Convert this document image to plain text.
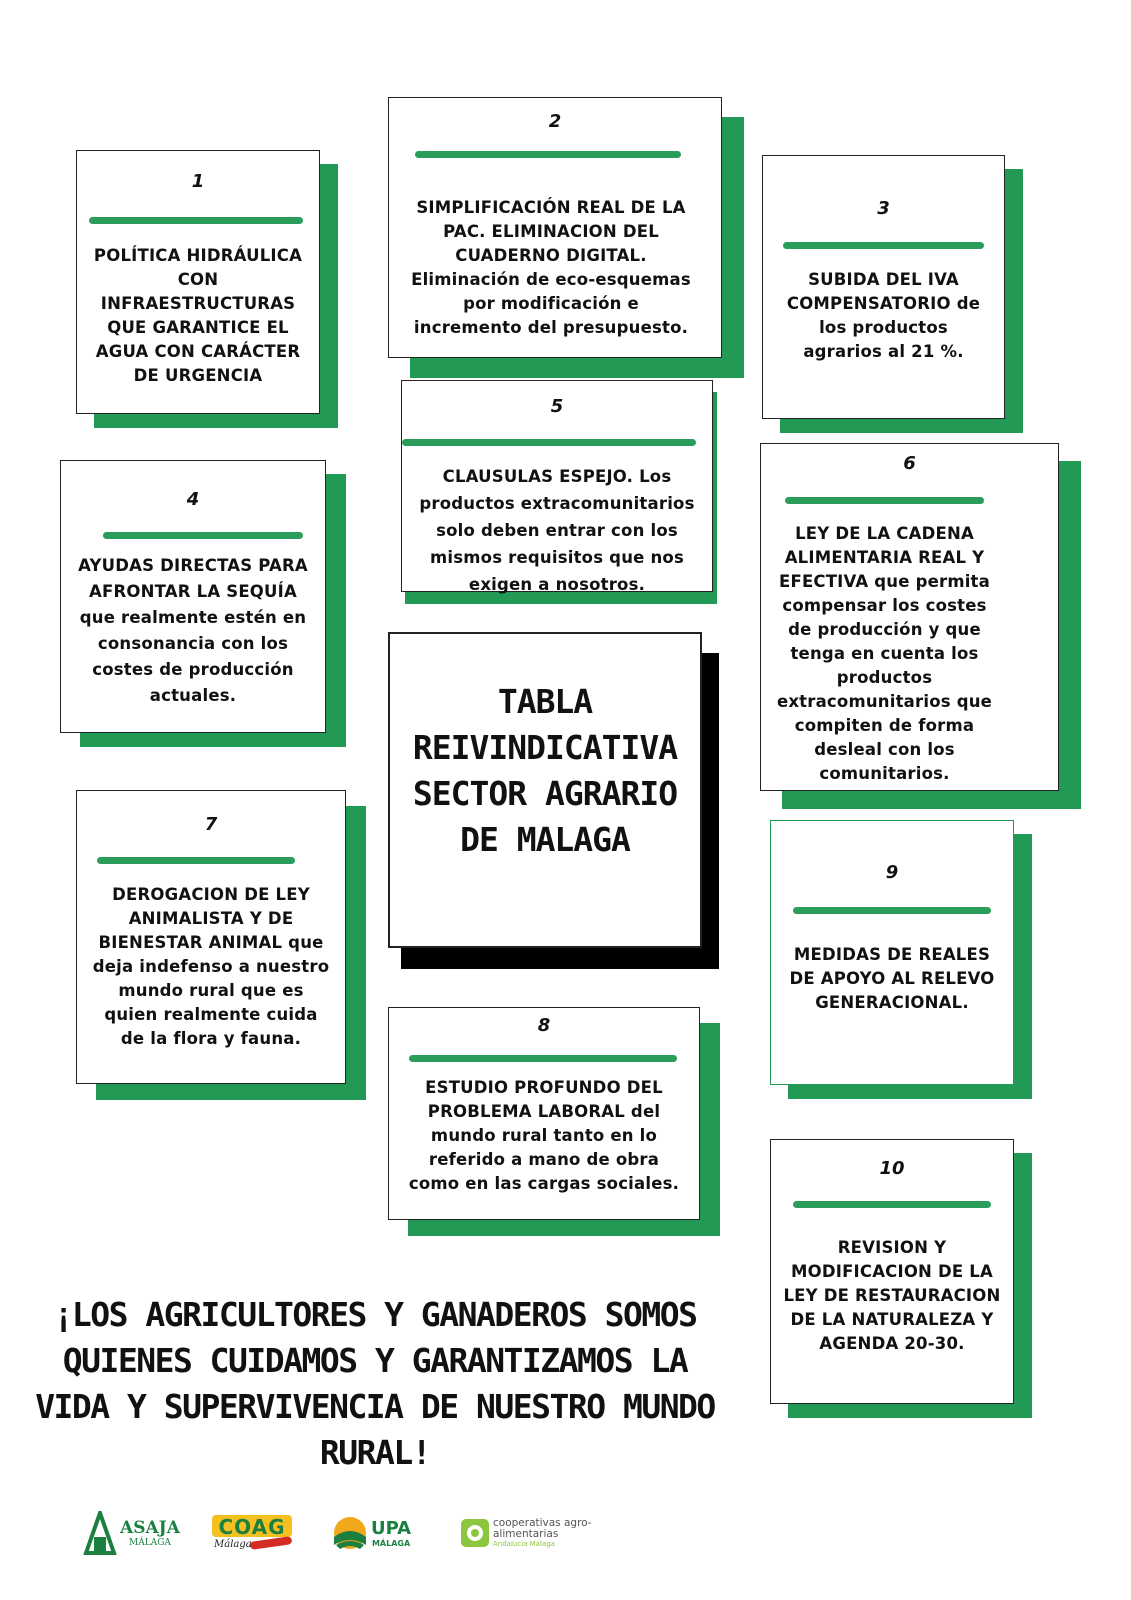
1
POLÍTICA HIDRÁULICA CON INFRAESTRUCTURAS QUE GARANTICE EL AGUA CON CARÁCTER DE URGENCIA
2
SIMPLIFICACIÓN REAL DE LA PAC. ELIMINACION DEL CUADERNO DIGITAL. Eliminación de eco-esquemas por modificación e incremento del presupuesto.
3
SUBIDA DEL IVA COMPENSATORIO de los productos agrarios al 21 %.
4
AYUDAS DIRECTAS PARA AFRONTAR LA SEQUÍA que realmente estén en consonancia con los costes de producción actuales.
5
CLAUSULAS ESPEJO. Los productos extracomunitarios solo deben entrar con los mismos requisitos que nos exigen a nosotros.
6
LEY DE LA CADENA ALIMENTARIA REAL Y EFECTIVA que permita compensar los costes de producción y que tenga en cuenta los productos extracomunitarios que compiten de forma desleal con los comunitarios.
TABLA REIVINDICATIVA SECTOR AGRARIO DE MALAGA
7
DEROGACION DE LEY ANIMALISTA Y DE BIENESTAR ANIMAL que deja indefenso a nuestro mundo rural que es quien realmente cuida de la flora y fauna.
8
ESTUDIO PROFUNDO DEL PROBLEMA LABORAL del mundo rural tanto en lo referido a mano de obra como en las cargas sociales.
9
MEDIDAS DE REALES DE APOYO AL RELEVO GENERACIONAL.
10
REVISION Y MODIFICACION DE LA LEY DE RESTAURACION DE LA NATURALEZA Y AGENDA 20-30.
¡LOS AGRICULTORES Y GANADEROS SOMOS QUIENES CUIDAMOS Y GARANTIZAMOS LA VIDA Y SUPERVIVENCIA DE NUESTRO MUNDO RURAL!
ASAJA
MÁLAGA
COAG
Málaga
UPA
MÁLAGA
cooperativas agro-alimentarias
Andalucía Málaga
